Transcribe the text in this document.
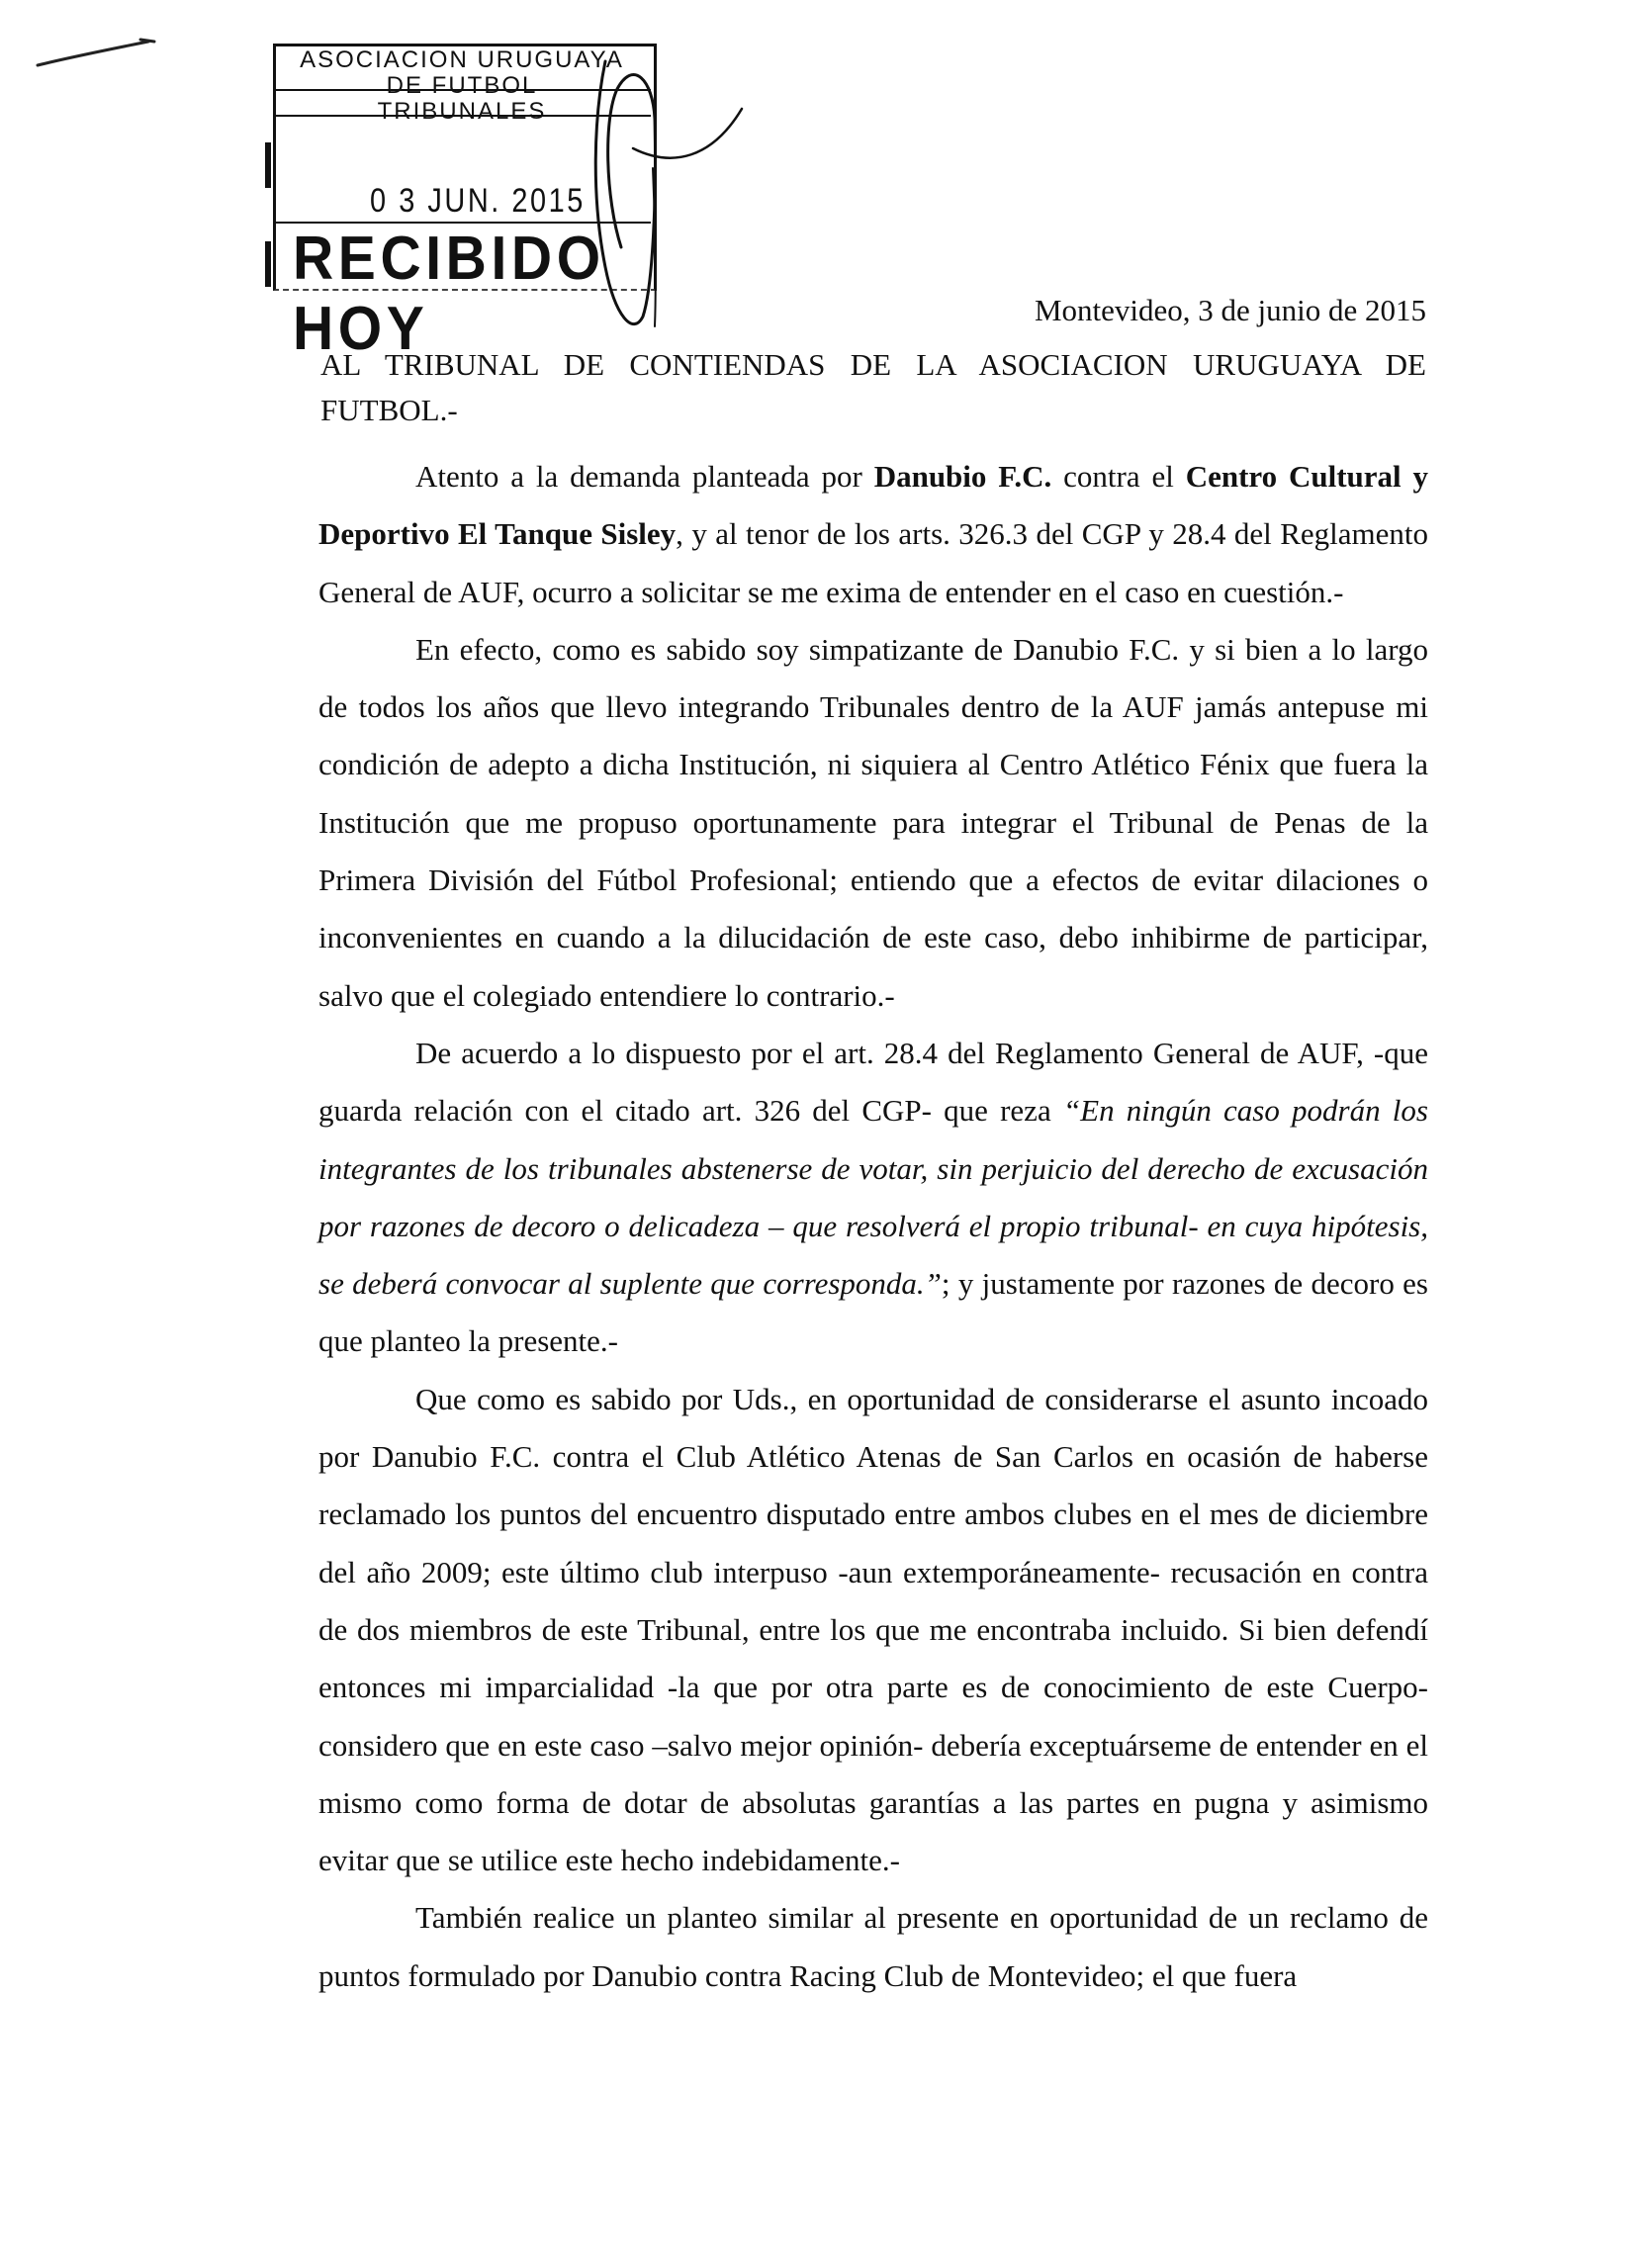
ASOCIACION URUGUAYA
DE FUTBOL
TRIBUNALES
0 3 JUN. 2015
RECIBIDO HOY	Montevideo, 3 de junio de 2015
AL TRIBUNAL DE CONTIENDAS DE LA ASOCIACION URUGUAYA DE FUTBOL.-

Atento a la demanda planteada por Danubio F.C. contra el Centro Cultural y Deportivo El Tanque Sisley, y al tenor de los arts. 326.3 del CGP y 28.4 del Reglamento General de AUF, ocurro a solicitar se me exima de entender en el caso en cuestión.-

En efecto, como es sabido soy simpatizante de Danubio F.C. y si bien a lo largo de todos los años que llevo integrando Tribunales dentro de la AUF jamás antepuse mi condición de adepto a dicha Institución, ni siquiera al Centro Atlético Fénix que fuera la Institución que me propuso oportunamente para integrar el Tribunal de Penas de la Primera División del Fútbol Profesional; entiendo que a efectos de evitar dilaciones o inconvenientes en cuando a la dilucidación de este caso, debo inhibirme de participar, salvo que el colegiado entendiere lo contrario.-

De acuerdo a lo dispuesto por el art. 28.4 del Reglamento General de AUF, -que guarda relación con el citado art. 326 del CGP- que reza “En ningún caso podrán los integrantes de los tribunales abstenerse de votar, sin perjuicio del derecho de excusación por razones de decoro o delicadeza – que resolverá el propio tribunal- en cuya hipótesis, se deberá convocar al suplente que corresponda.”; y justamente por razones de decoro es que planteo la presente.-

Que como es sabido por Uds., en oportunidad de considerarse el asunto incoado por Danubio F.C. contra el Club Atlético Atenas de San Carlos en ocasión de haberse reclamado los puntos del encuentro disputado entre ambos clubes en el mes de diciembre del año 2009; este último club interpuso -aun extemporáneamente- recusación en contra de dos miembros de este Tribunal, entre los que me encontraba incluido. Si bien defendí entonces mi imparcialidad -la que por otra parte es de conocimiento de este Cuerpo- considero que en este caso –salvo mejor opinión- debería exceptuárseme de entender en el mismo como forma de dotar de absolutas garantías a las partes en pugna y asimismo evitar que se utilice este hecho indebidamente.-

También realice un planteo similar al presente en oportunidad de un reclamo de puntos formulado por Danubio contra Racing Club de Montevideo; el que fuera
